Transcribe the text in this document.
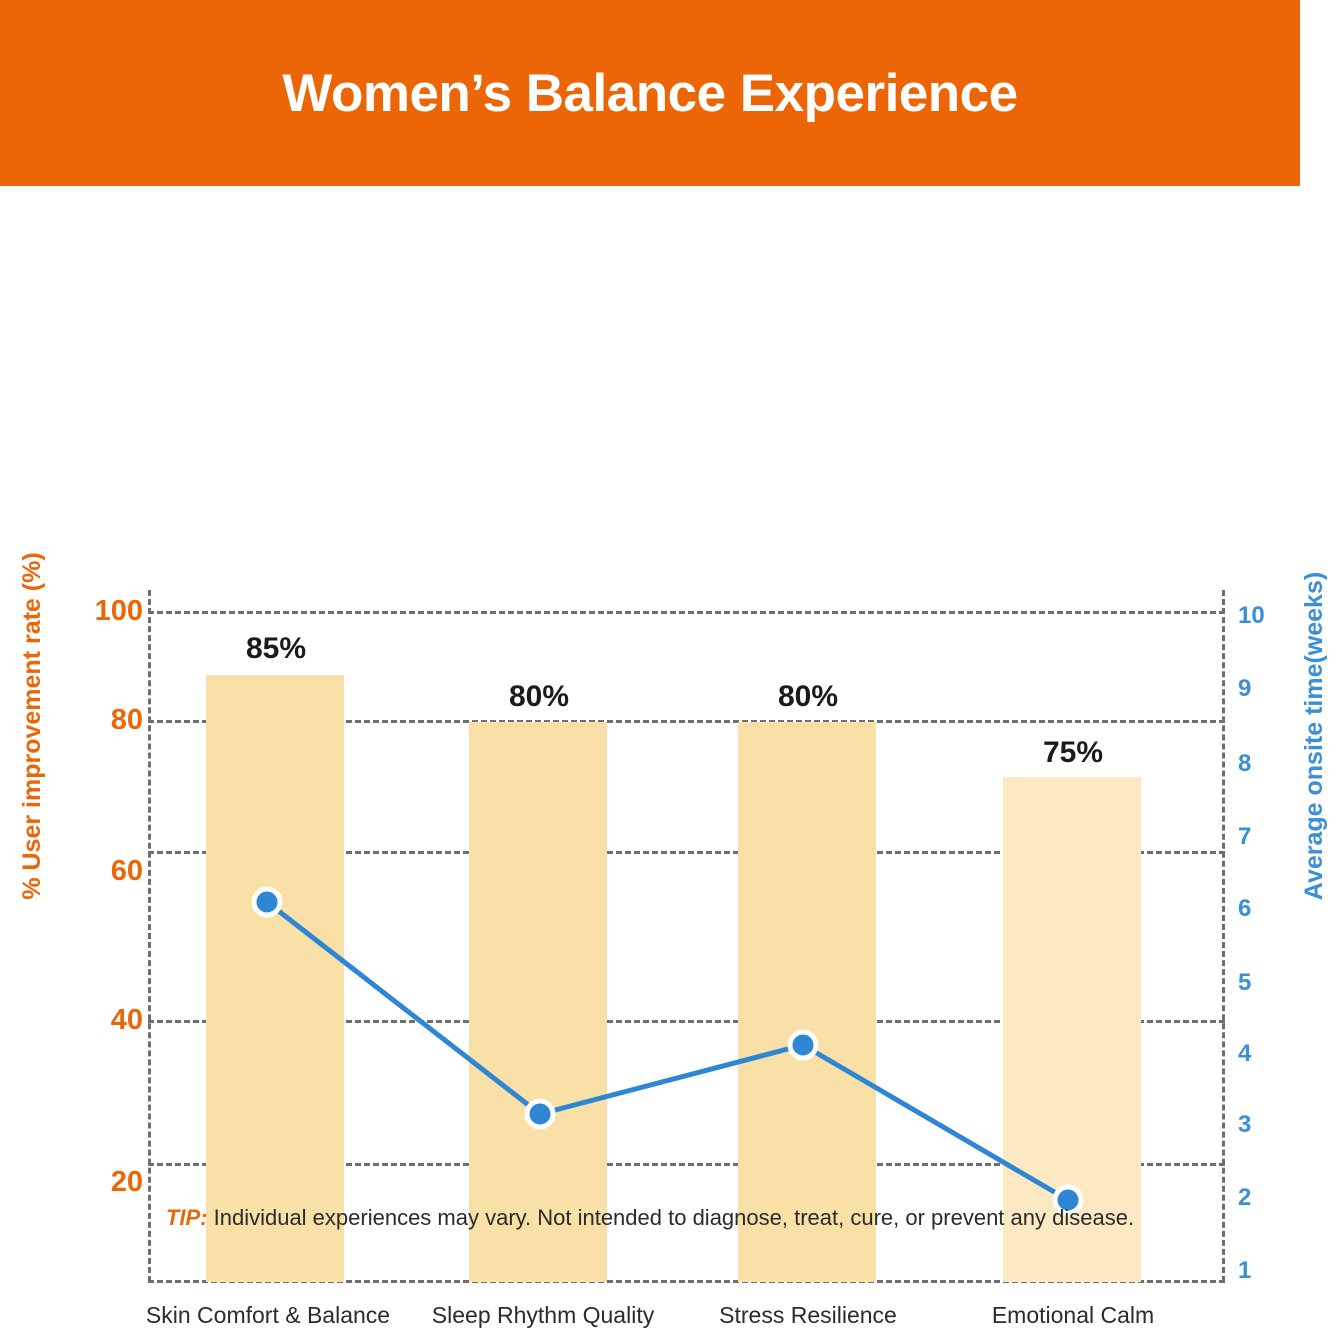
Women’s Balance Experience
% User improvement rate (%)	Average onsite time(weeks)
85%
80%	80%
75%
100
80
60
40
20
10
9
8
7
6
5
4
3
2
1
Skin Comfort & Balance	Sleep Rhythm Quality	Stress Resilience	Emotional Calm
TIP: Individual experiences may vary. Not intended to diagnose, treat, cure, or prevent any disease.
